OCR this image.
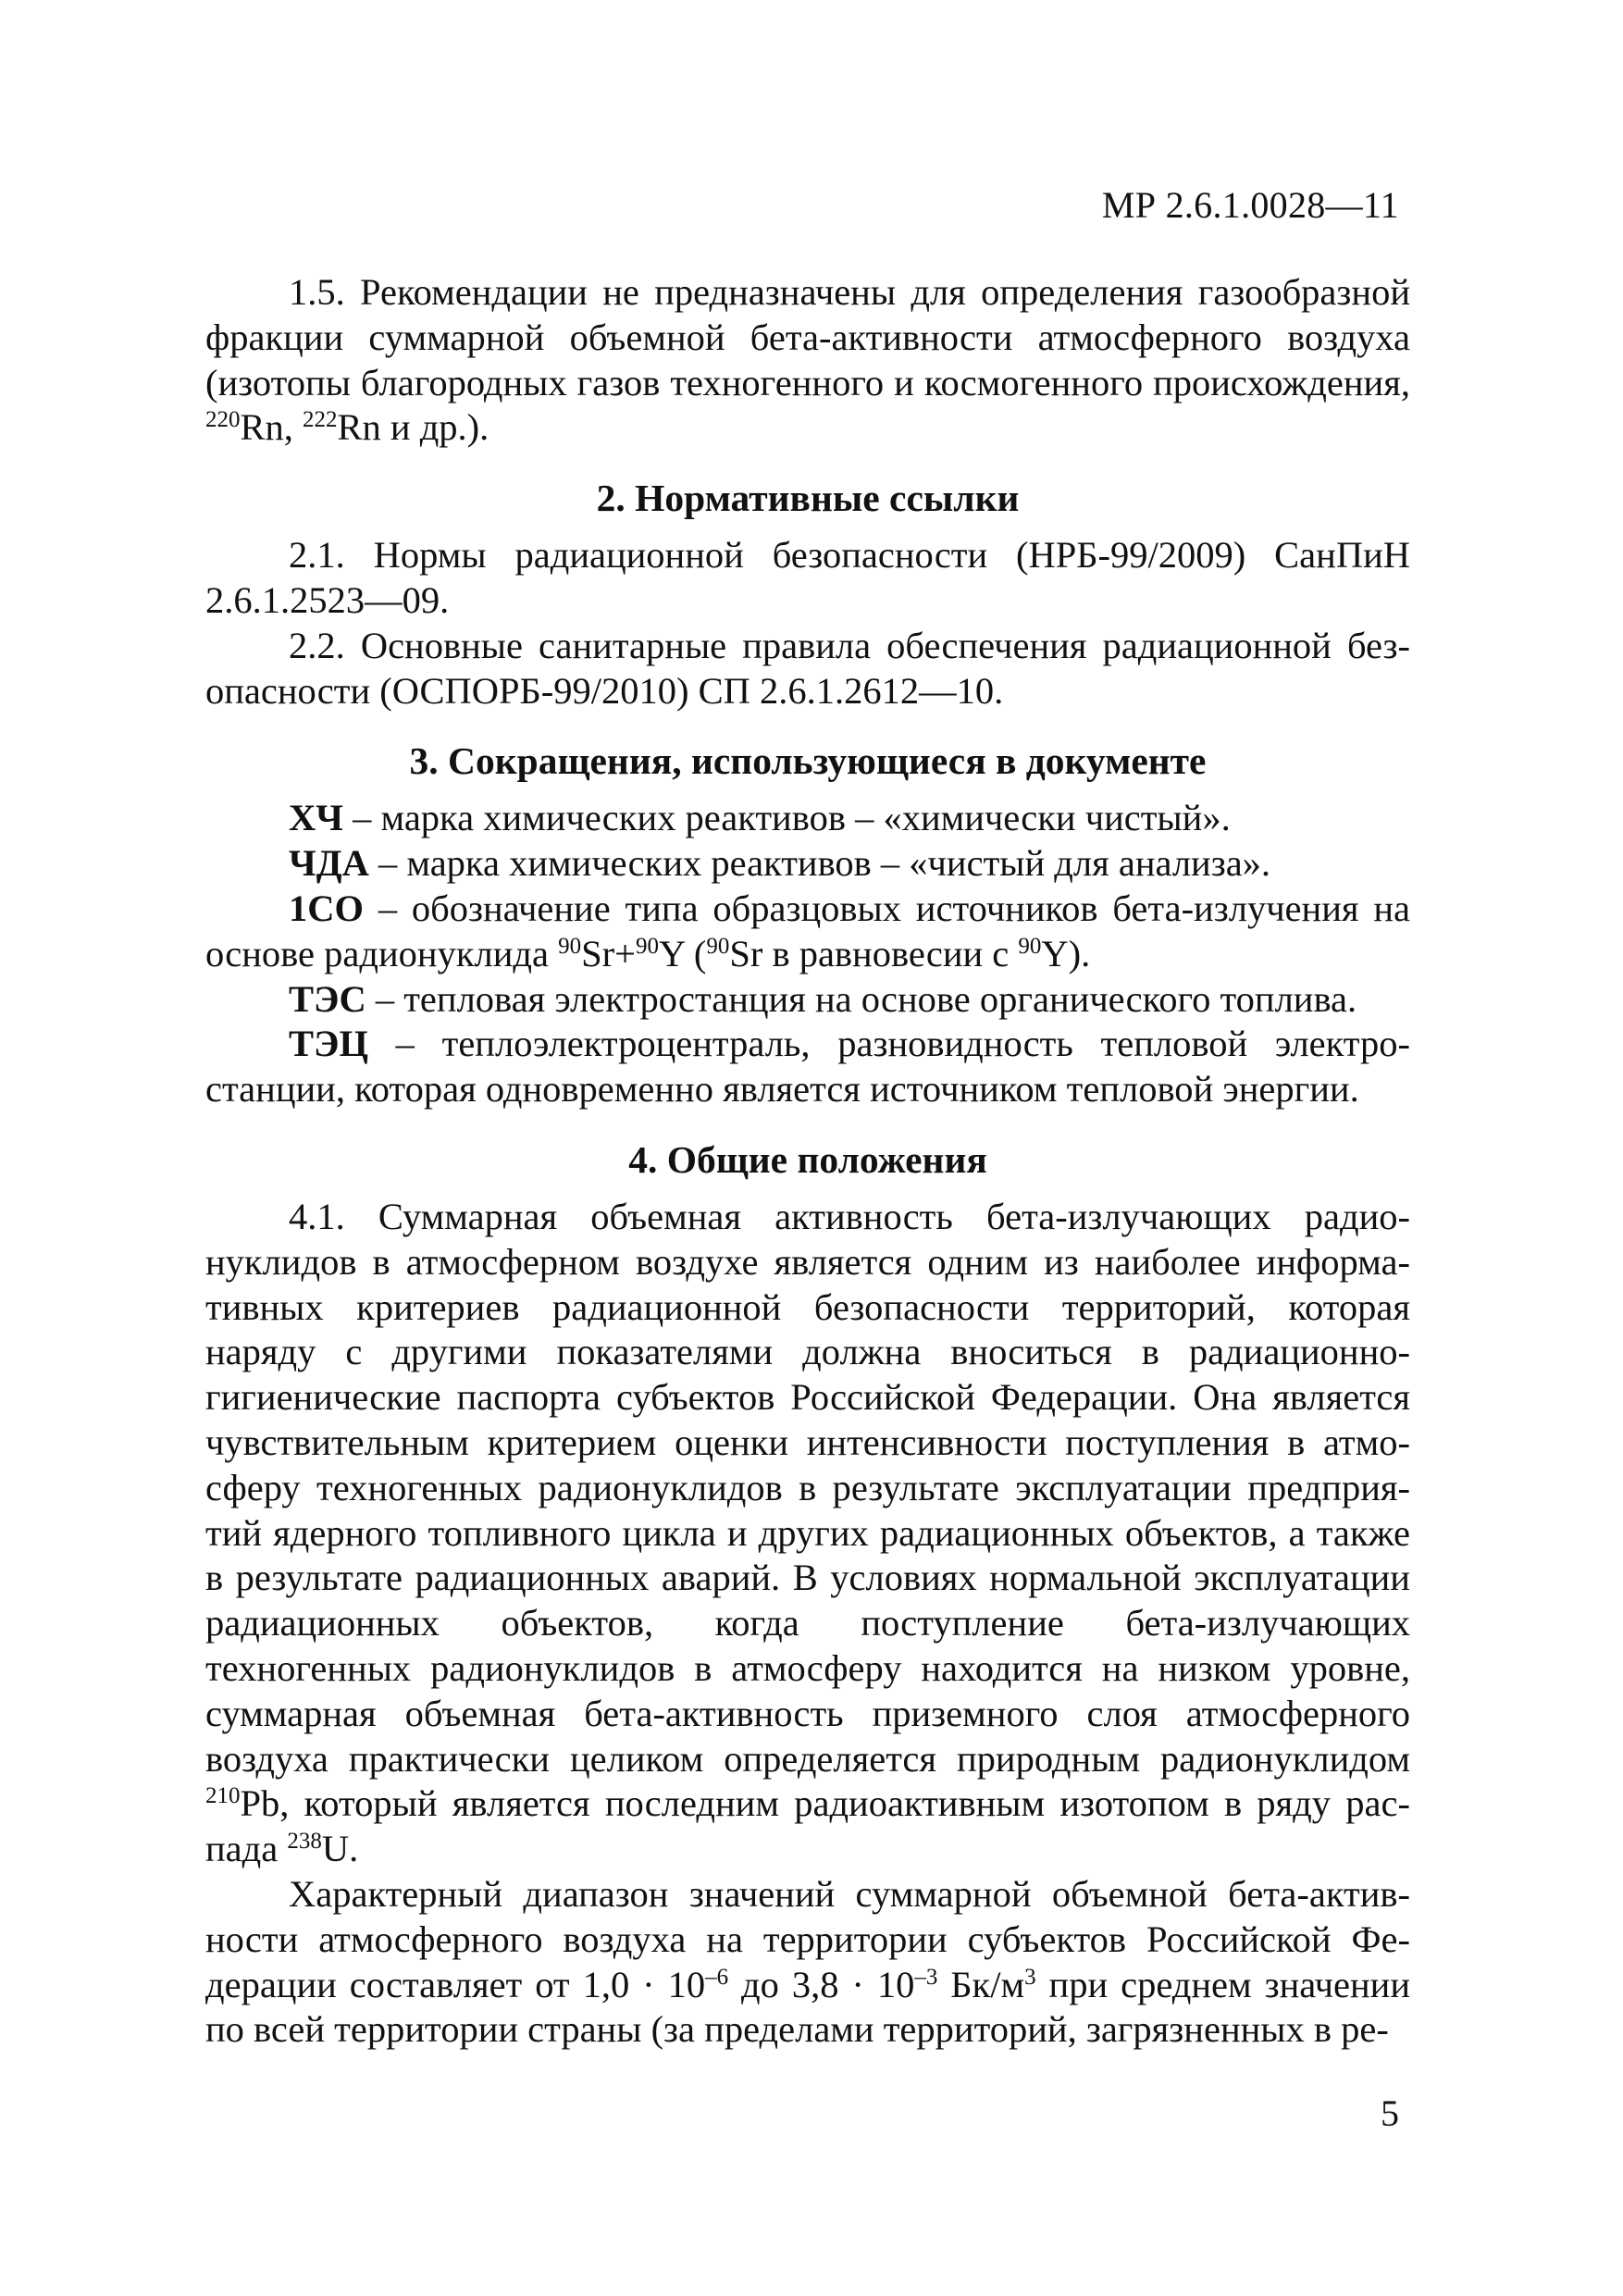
МР 2.6.1.0028—11

1.5. Рекомендации не предназначены для определения газообразной фракции суммарной объемной бета-активности атмосферного воздуха (изотопы благородных газов техногенного и космогенного происхождения, $^{220}$Rn, $^{222}$Rn и др.).

2. Нормативные ссылки

2.1. Нормы радиационной безопасности (НРБ-99/2009) СанПиН 2.6.1.2523—09.

2.2. Основные санитарные правила обеспечения радиационной безопасности (ОСПОРБ-99/2010) СП 2.6.1.2612—10.

3. Сокращения, использующиеся в документе

ХЧ – марка химических реактивов – «химически чистый».

ЧДА – марка химических реактивов – «чистый для анализа».

1СО – обозначение типа образцовых источников бета-излучения на основе радионуклида $^{90}$Sr+$^{90}$Y ($^{90}$Sr в равновесии с $^{90}$Y).

ТЭС – тепловая электростанция на основе органического топлива.

ТЭЦ – теплоэлектроцентраль, разновидность тепловой электростанции, которая одновременно является источником тепловой энергии.

4. Общие положения

4.1. Суммарная объемная активность бета-излучающих радионуклидов в атмосферном воздухе является одним из наиболее информативных критериев радиационной безопасности территорий, которая наряду с другими показателями должна вноситься в радиационно-гигиенические паспорта субъектов Российской Федерации. Она является чувствительным критерием оценки интенсивности поступления в атмосферу техногенных радионуклидов в результате эксплуатации предприятий ядерного топливного цикла и других радиационных объектов, а также в результате радиационных аварий. В условиях нормальной эксплуатации радиационных объектов, когда поступление бета-излучающих техногенных радионуклидов в атмосферу находится на низком уровне, суммарная объемная бета-активность приземного слоя атмосферного воздуха практически целиком определяется природным радионуклидом $^{210}$Pb, который является последним радиоактивным изотопом в ряду распада $^{238}$U.

Характерный диапазон значений суммарной объемной бета-активности атмосферного воздуха на территории субъектов Российской Федерации составляет от $1,0 \cdot 10^{-6}$ до $3,8 \cdot 10^{-3}$ $Бк/м^3$ при среднем значении по всей территории страны (за пределами территорий, загрязненных в ре-

5
